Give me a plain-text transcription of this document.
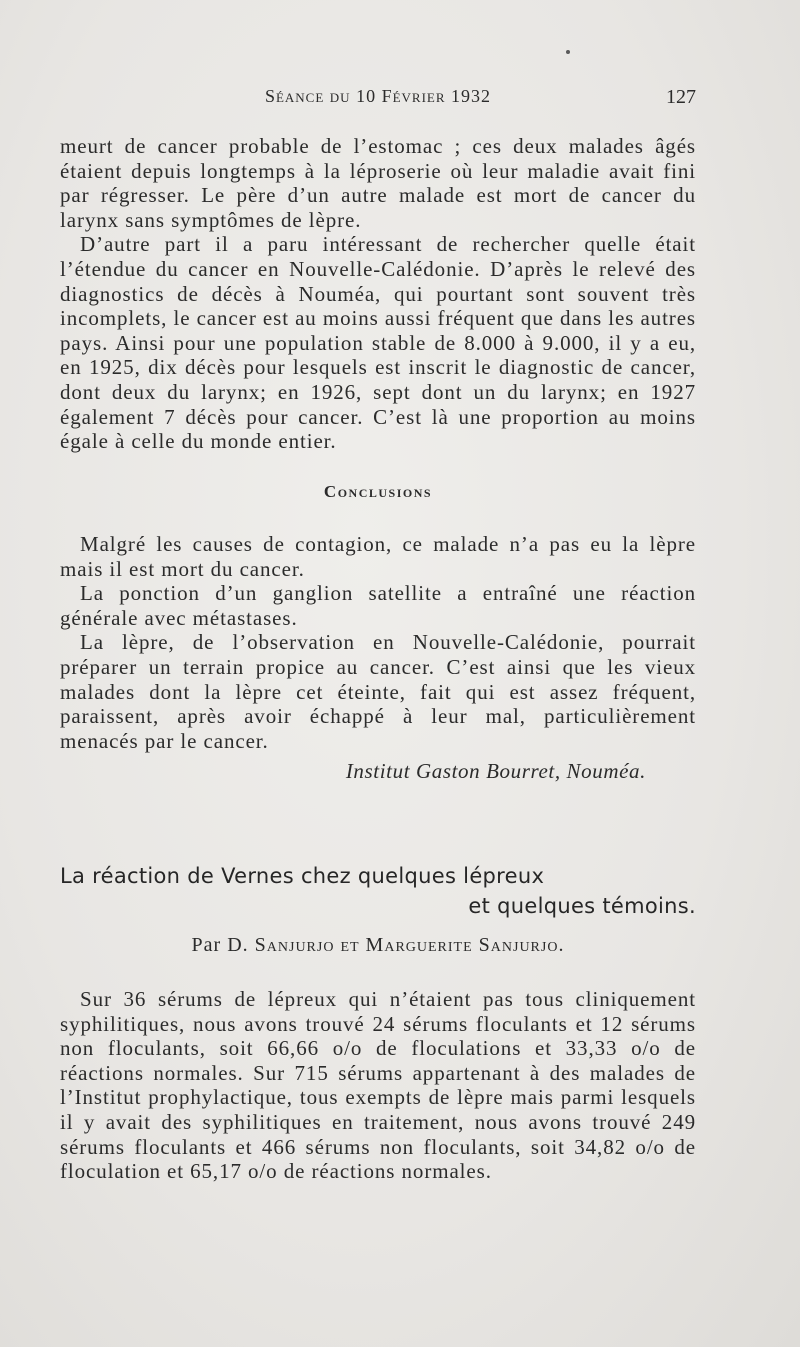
Séance du 10 Février 1932	127

meurt de cancer probable de l’estomac ; ces deux malades âgés étaient depuis longtemps à la léproserie où leur maladie avait fini par régresser. Le père d’un autre malade est mort de cancer du larynx sans symptômes de lèpre.

D’autre part il a paru intéressant de rechercher quelle était l’étendue du cancer en Nouvelle-Calédonie. D’après le relevé des diagnostics de décès à Nouméa, qui pourtant sont souvent très incomplets, le cancer est au moins aussi fréquent que dans les autres pays. Ainsi pour une population stable de 8.000 à 9.000, il y a eu, en 1925, dix décès pour lesquels est inscrit le diagnostic de cancer, dont deux du larynx; en 1926, sept dont un du larynx; en 1927 également 7 décès pour cancer. C’est là une proportion au moins égale à celle du monde entier.

Conclusions

Malgré les causes de contagion, ce malade n’a pas eu la lèpre mais il est mort du cancer.

La ponction d’un ganglion satellite a entraîné une réaction générale avec métastases.

La lèpre, de l’observation en Nouvelle-Calédonie, pourrait préparer un terrain propice au cancer. C’est ainsi que les vieux malades dont la lèpre cet éteinte, fait qui est assez fréquent, paraissent, après avoir échappé à leur mal, particulièrement menacés par le cancer.

Institut Gaston Bourret, Nouméa.
La réaction de Vernes chez quelques lépreux
et quelques témoins.
Par D. Sanjurjo et Marguerite Sanjurjo.

Sur 36 sérums de lépreux qui n’étaient pas tous cliniquement syphilitiques, nous avons trouvé 24 sérums floculants et 12 sérums non floculants, soit 66,66 o/o de floculations et 33,33 o/o de réactions normales. Sur 715 sérums appartenant à des malades de l’Institut prophylactique, tous exempts de lèpre mais parmi lesquels il y avait des syphilitiques en traitement, nous avons trouvé 249 sérums floculants et 466 sérums non floculants, soit 34,82 o/o de floculation et 65,17 o/o de réactions normales.
